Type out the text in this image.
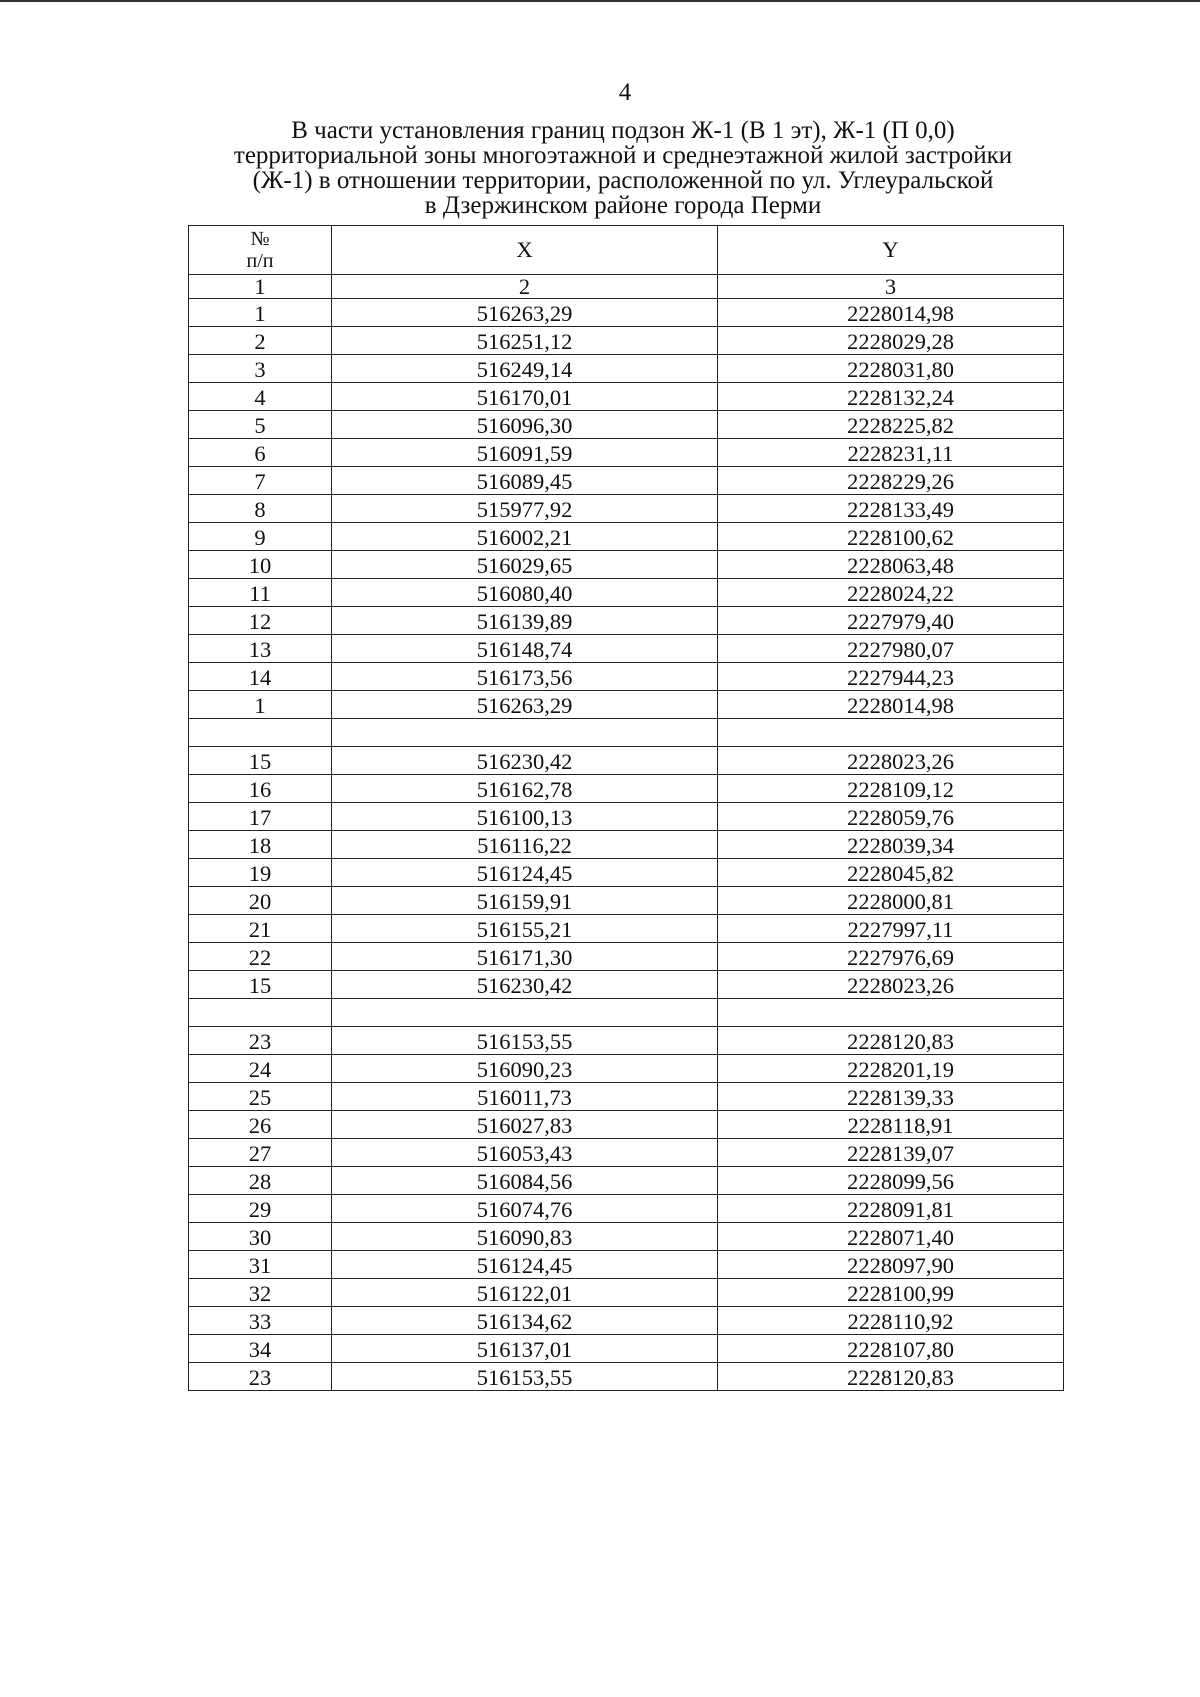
4
В части установления границ подзон Ж-1 (В 1 эт), Ж-1 (П 0,0)
территориальной зоны многоэтажной и среднеэтажной жилой застройки
(Ж-1) в отношении территории, расположенной по ул. Углеуральской
в Дзержинском районе города Перми
№
п/п	X	Y
1	2	3
1	516263,29	2228014,98
2	516251,12	2228029,28
3	516249,14	2228031,80
4	516170,01	2228132,24
5	516096,30	2228225,82
6	516091,59	2228231,11
7	516089,45	2228229,26
8	515977,92	2228133,49
9	516002,21	2228100,62
10	516029,65	2228063,48
11	516080,40	2228024,22
12	516139,89	2227979,40
13	516148,74	2227980,07
14	516173,56	2227944,23
1	516263,29	2228014,98

15	516230,42	2228023,26
16	516162,78	2228109,12
17	516100,13	2228059,76
18	516116,22	2228039,34
19	516124,45	2228045,82
20	516159,91	2228000,81
21	516155,21	2227997,11
22	516171,30	2227976,69
15	516230,42	2228023,26

23	516153,55	2228120,83
24	516090,23	2228201,19
25	516011,73	2228139,33
26	516027,83	2228118,91
27	516053,43	2228139,07
28	516084,56	2228099,56
29	516074,76	2228091,81
30	516090,83	2228071,40
31	516124,45	2228097,90
32	516122,01	2228100,99
33	516134,62	2228110,92
34	516137,01	2228107,80
23	516153,55	2228120,83
